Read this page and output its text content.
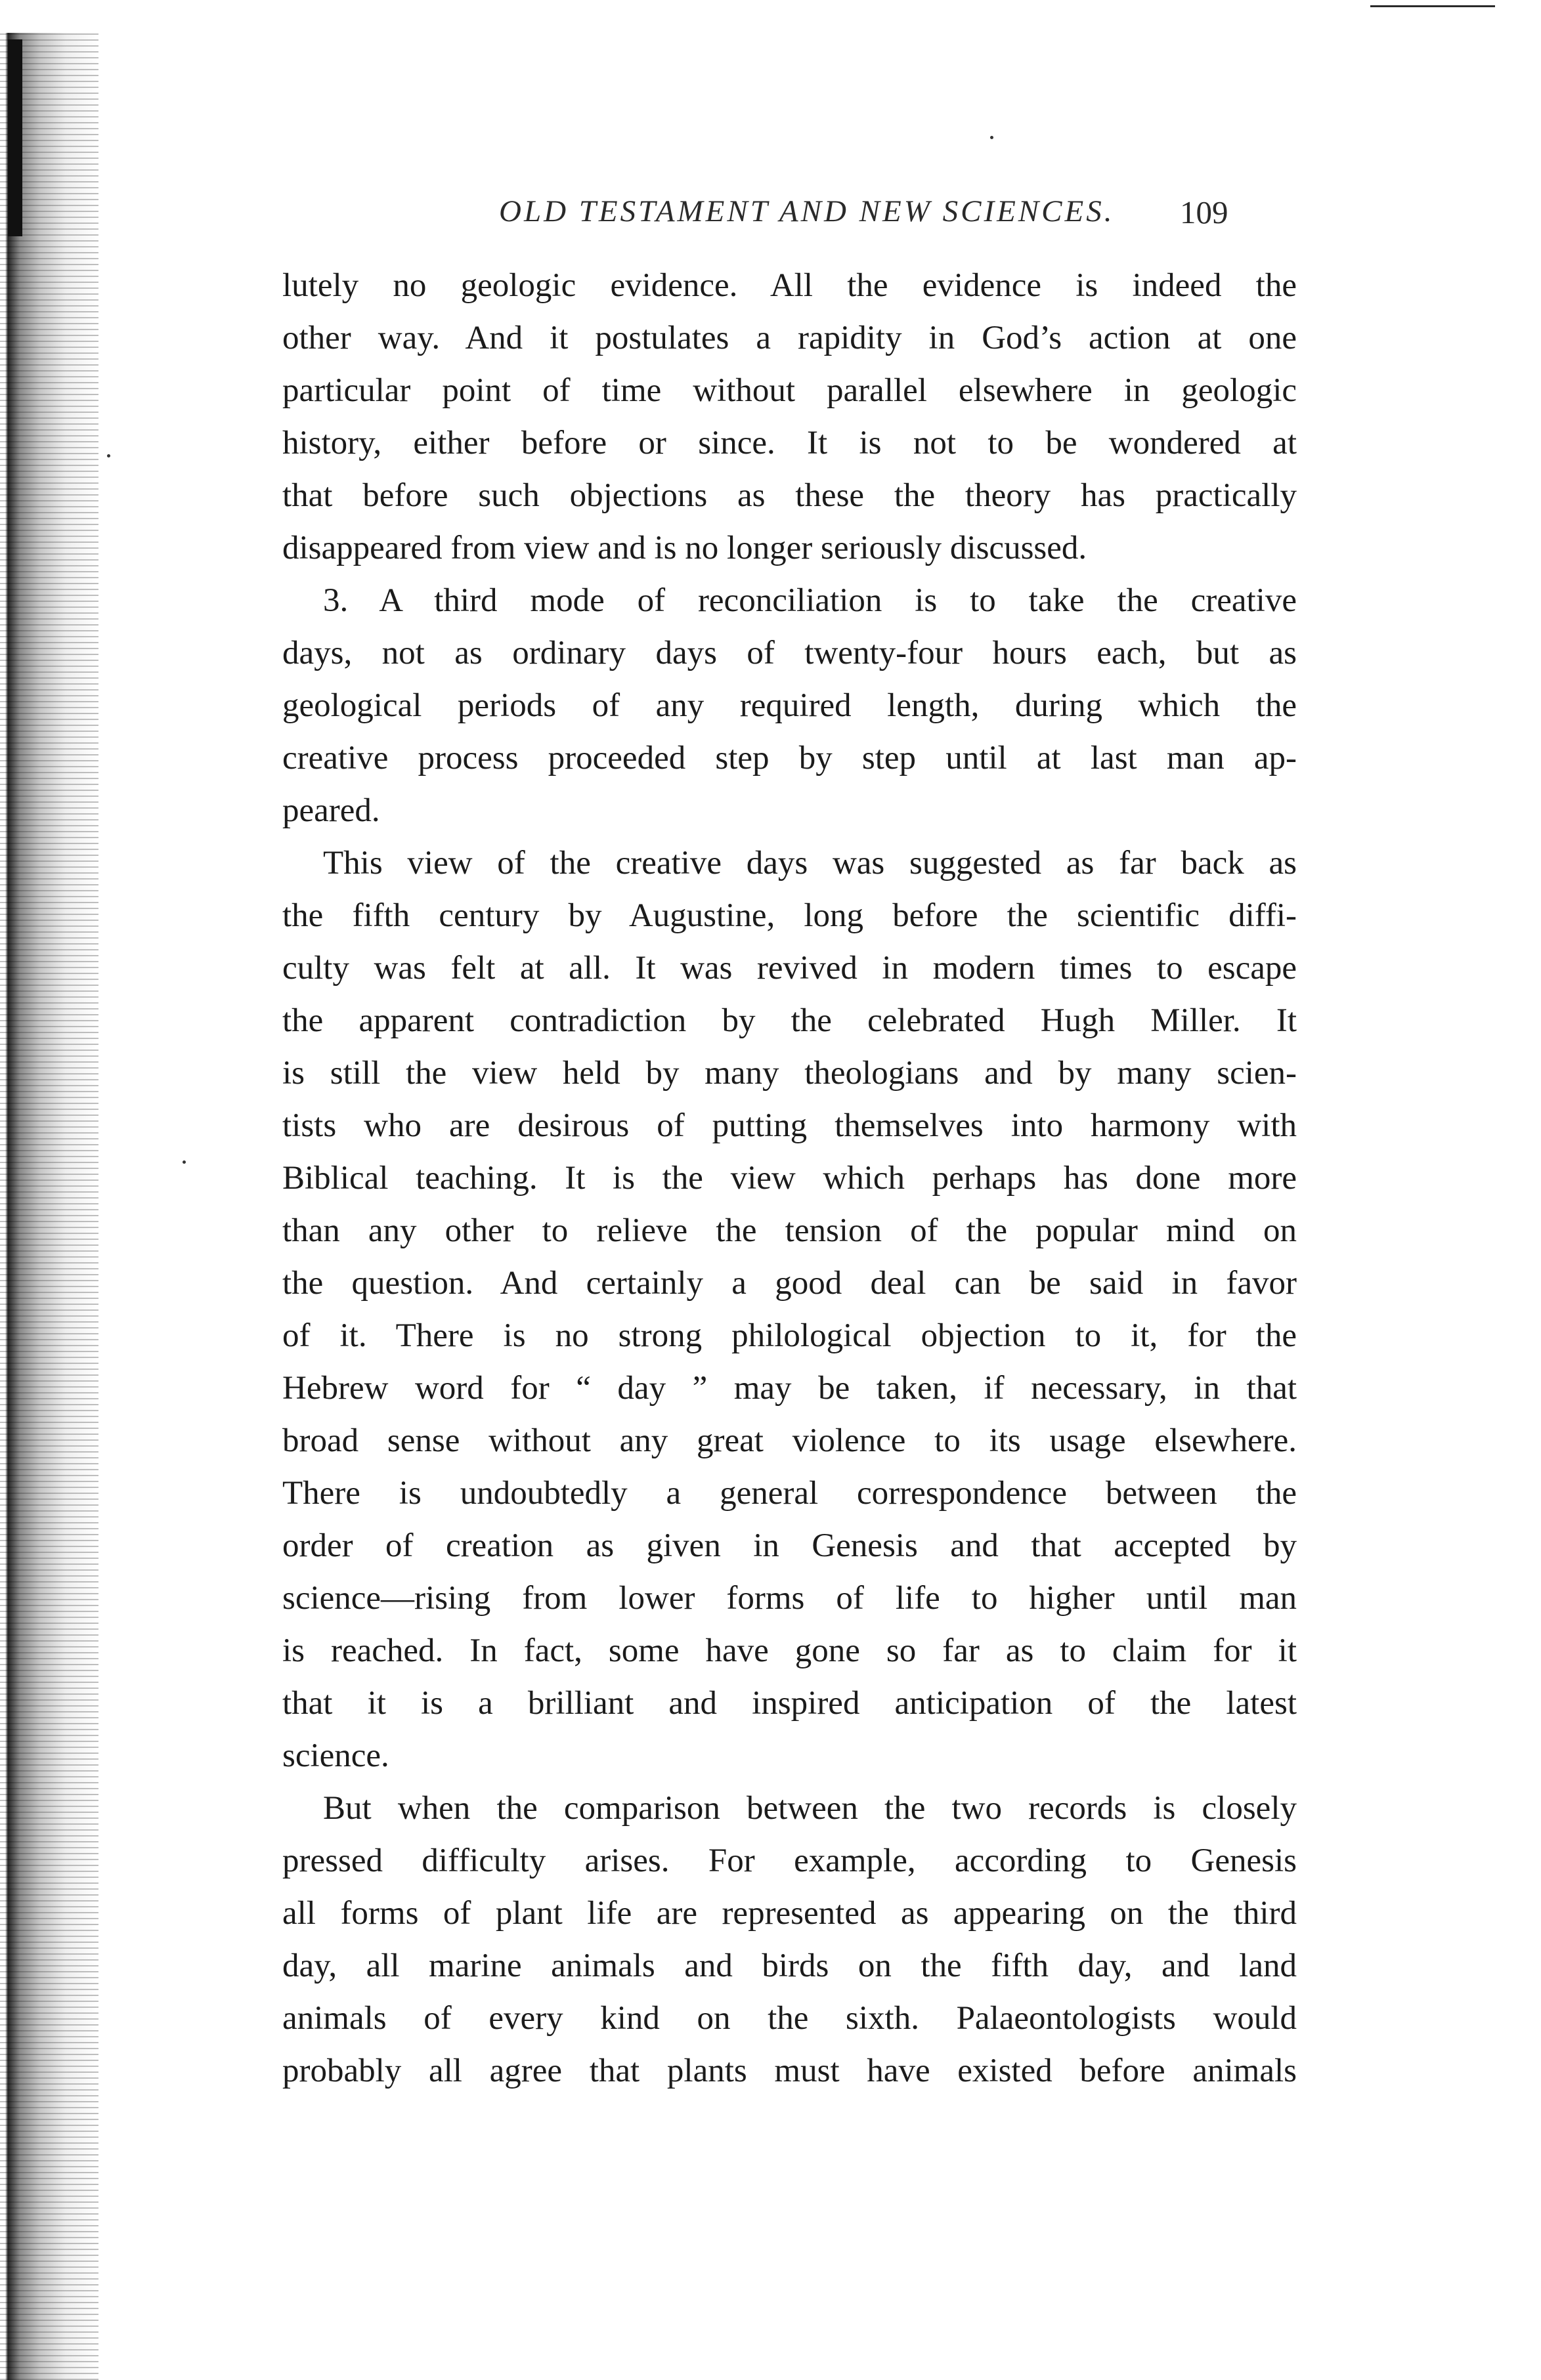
OLD TESTAMENT AND NEW SCIENCES. 109
lutely no geologic evidence. All the evidence is indeed the
other way. And it postulates a rapidity in God’s action at one
particular point of time without parallel elsewhere in geologic
history, either before or since. It is not to be wondered at
that before such objections as these the theory has practically
disappeared from view and is no longer seriously discussed.
3. A third mode of reconciliation is to take the creative
days, not as ordinary days of twenty-four hours each, but as
geological periods of any required length, during which the
creative process proceeded step by step until at last man ap-
peared.
This view of the creative days was suggested as far back as
the fifth century by Augustine, long before the scientific diffi-
culty was felt at all. It was revived in modern times to escape
the apparent contradiction by the celebrated Hugh Miller. It
is still the view held by many theologians and by many scien-
tists who are desirous of putting themselves into harmony with
Biblical teaching. It is the view which perhaps has done more
than any other to relieve the tension of the popular mind on
the question. And certainly a good deal can be said in favor
of it. There is no strong philological objection to it, for the
Hebrew word for “ day ” may be taken, if necessary, in that
broad sense without any great violence to its usage elsewhere.
There is undoubtedly a general correspondence between the
order of creation as given in Genesis and that accepted by
science—rising from lower forms of life to higher until man
is reached. In fact, some have gone so far as to claim for it
that it is a brilliant and inspired anticipation of the latest
science.
But when the comparison between the two records is closely
pressed difficulty arises. For example, according to Genesis
all forms of plant life are represented as appearing on the third
day, all marine animals and birds on the fifth day, and land
animals of every kind on the sixth. Palaeontologists would
probably all agree that plants must have existed before animals
